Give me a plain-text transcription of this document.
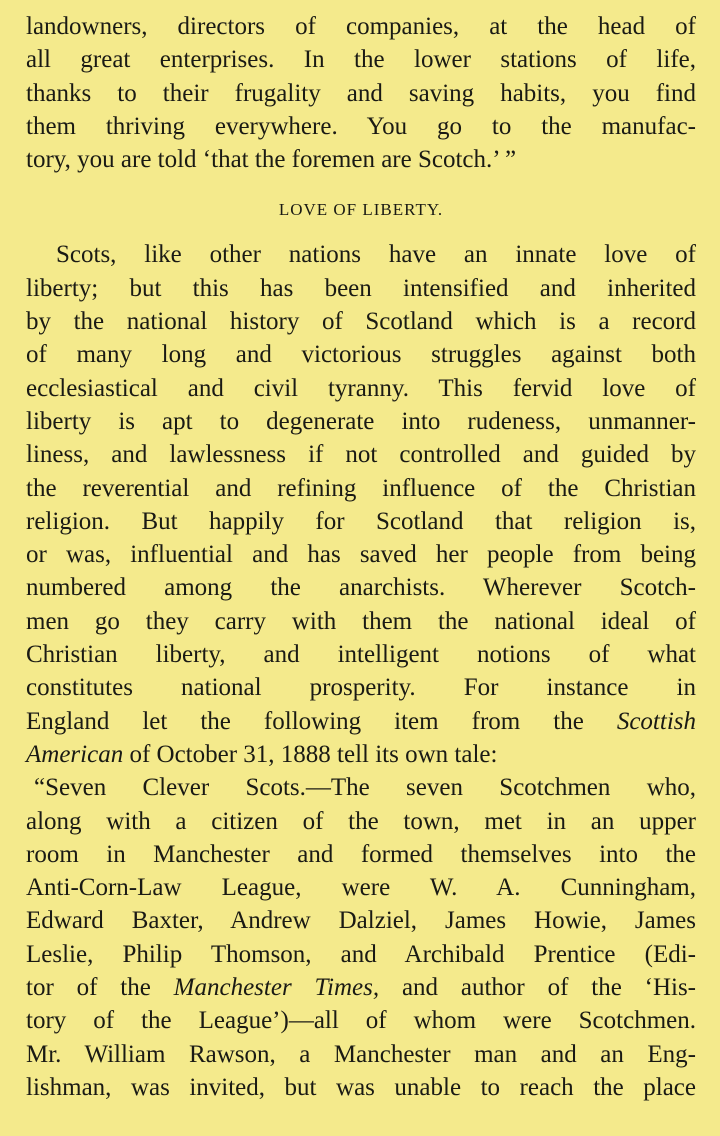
landowners, directors of companies, at the head of
all great enterprises. In the lower stations of life,
thanks to their frugality and saving habits, you find
them thriving everywhere. You go to the manufac-
tory, you are told ‘that the foremen are Scotch.’ ”
LOVE OF LIBERTY.
Scots, like other nations have an innate love of
liberty; but this has been intensified and inherited
by the national history of Scotland which is a record
of many long and victorious struggles against both
ecclesiastical and civil tyranny. This fervid love of
liberty is apt to degenerate into rudeness, unmanner-
liness, and lawlessness if not controlled and guided by
the reverential and refining influence of the Christian
religion. But happily for Scotland that religion is,
or was, influential and has saved her people from being
numbered among the anarchists. Wherever Scotch-
men go they carry with them the national ideal of
Christian liberty, and intelligent notions of what
constitutes national prosperity. For instance in
England let the following item from the Scottish
American of October 31, 1888 tell its own tale:
“Seven Clever Scots.—The seven Scotchmen who,
along with a citizen of the town, met in an upper
room in Manchester and formed themselves into the
Anti-Corn-Law League, were W. A. Cunningham,
Edward Baxter, Andrew Dalziel, James Howie, James
Leslie, Philip Thomson, and Archibald Prentice (Edi-
tor of the Manchester Times, and author of the ‘His-
tory of the League’)—all of whom were Scotchmen.
Mr. William Rawson, a Manchester man and an Eng-
lishman, was invited, but was unable to reach the place
